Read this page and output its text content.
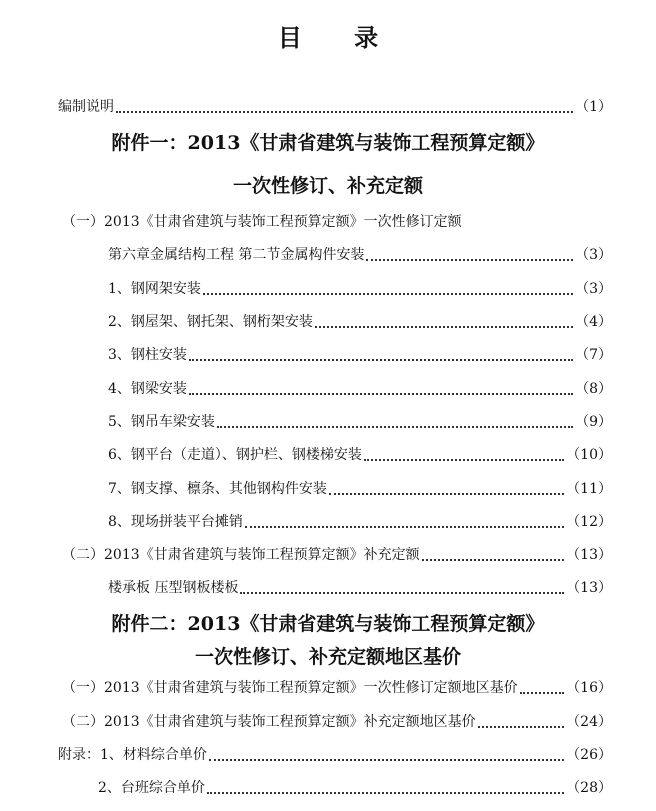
目 录
编制说明	（1）
附件一：2013《甘肃省建筑与装饰工程预算定额》
一次性修订、补充定额
（一）2013《甘肃省建筑与装饰工程预算定额》一次性修订定额
第六章金属结构工程 第二节金属构件安装	（3）
1、钢网架安装	（3）
2、钢屋架、钢托架、钢桁架安装	（4）
3、钢柱安装	（7）
4、钢梁安装	（8）
5、钢吊车梁安装	（9）
6、钢平台（走道）、钢护栏、钢楼梯安装	（10）
7、钢支撑、檩条、其他钢构件安装	（11）
8、现场拼装平台摊销	（12）
（二）2013《甘肃省建筑与装饰工程预算定额》补充定额	（13）
楼承板 压型钢板楼板	（13）
附件二：2013《甘肃省建筑与装饰工程预算定额》
一次性修订、补充定额地区基价
（一）2013《甘肃省建筑与装饰工程预算定额》一次性修订定额地区基价	（16）
（二）2013《甘肃省建筑与装饰工程预算定额》补充定额地区基价	（24）
附录：1、材料综合单价	（26）
2、台班综合单价	（28）
